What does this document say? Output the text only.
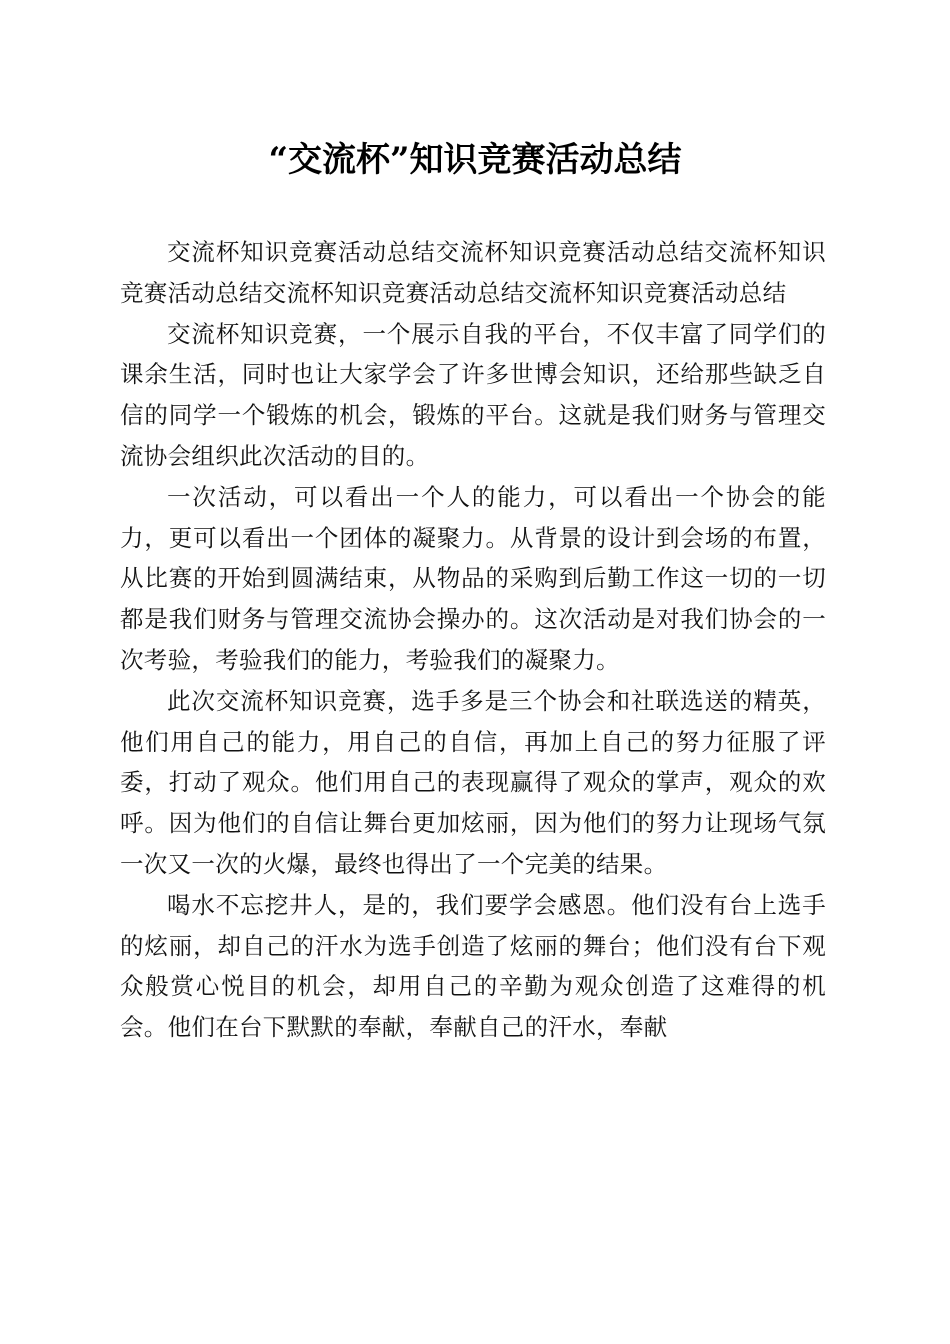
“交流杯”知识竞赛活动总结

交流杯知识竞赛活动总结交流杯知识竞赛活动总结交流杯知识竞赛活动总结交流杯知识竞赛活动总结交流杯知识竞赛活动总结

交流杯知识竞赛，一个展示自我的平台，不仅丰富了同学们的课余生活，同时也让大家学会了许多世博会知识，还给那些缺乏自信的同学一个锻炼的机会，锻炼的平台。这就是我们财务与管理交流协会组织此次活动的目的。

一次活动，可以看出一个人的能力，可以看出一个协会的能力，更可以看出一个团体的凝聚力。从背景的设计到会场的布置，从比赛的开始到圆满结束，从物品的采购到后勤工作这一切的一切都是我们财务与管理交流协会操办的。这次活动是对我们协会的一次考验，考验我们的能力，考验我们的凝聚力。

此次交流杯知识竞赛，选手多是三个协会和社联选送的精英，他们用自己的能力，用自己的自信，再加上自己的努力征服了评委，打动了观众。他们用自己的表现赢得了观众的掌声，观众的欢呼。因为他们的自信让舞台更加炫丽，因为他们的努力让现场气氛一次又一次的火爆，最终也得出了一个完美的结果。

喝水不忘挖井人，是的，我们要学会感恩。他们没有台上选手的炫丽，却自己的汗水为选手创造了炫丽的舞台；他们没有台下观众般赏心悦目的机会，却用自己的辛勤为观众创造了这难得的机会。他们在台下默默的奉献，奉献自己的汗水，奉献
